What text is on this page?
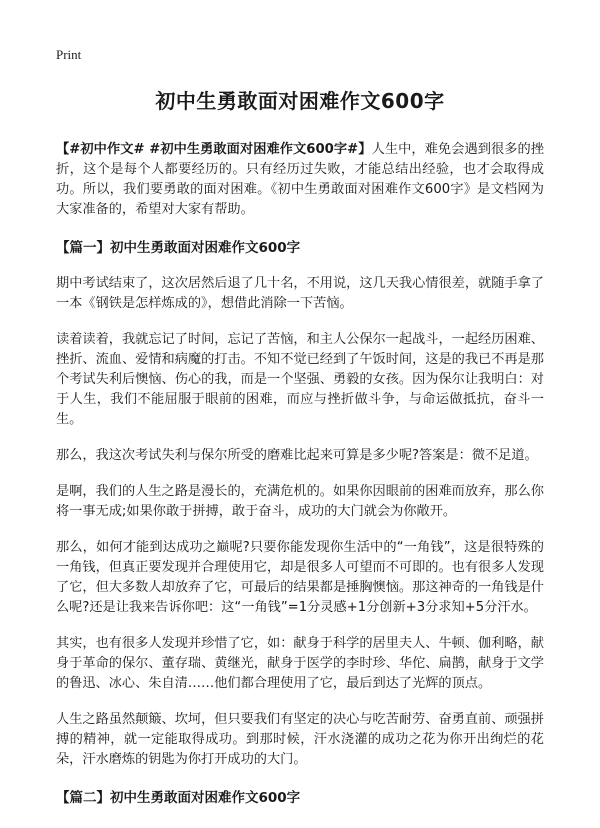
Print
初中生勇敢面对困难作文600字

【#初中作文# #初中生勇敢面对困难作文600字#】人生中，难免会遇到很多的挫折，这个是每个人都要经历的。只有经历过失败，才能总结出经验，也才会取得成功。所以，我们要勇敢的面对困难。《初中生勇敢面对困难作文600字》是文档网为大家准备的，希望对大家有帮助。

【篇一】初中生勇敢面对困难作文600字

期中考试结束了，这次居然后退了几十名，不用说，这几天我心情很差，就随手拿了一本《钢铁是怎样炼成的》，想借此消除一下苦恼。

读着读着，我就忘记了时间，忘记了苦恼，和主人公保尔一起战斗，一起经历困难、挫折、流血、爱情和病魔的打击。不知不觉已经到了午饭时间，这是的我已不再是那个考试失利后懊恼、伤心的我，而是一个坚强、勇毅的女孩。因为保尔让我明白：对于人生，我们不能屈服于眼前的困难，而应与挫折做斗争，与命运做抵抗，奋斗一生。

那么，我这次考试失利与保尔所受的磨难比起来可算是多少呢?答案是：微不足道。

是啊，我们的人生之路是漫长的，充满危机的。如果你因眼前的困难而放弃，那么你将一事无成;如果你敢于拼搏，敢于奋斗，成功的大门就会为你敞开。

那么，如何才能到达成功之巅呢?只要你能发现你生活中的“一角钱”，这是很特殊的一角钱，但真正要发现并合理使用它，却是很多人可望而不可即的。也有很多人发现了它，但大多数人却放弃了它，可最后的结果都是捶胸懊恼。那这神奇的一角钱是什么呢?还是让我来告诉你吧：这“一角钱”=1分灵感+1分创新+3分求知+5分汗水。

其实，也有很多人发现并珍惜了它，如：献身于科学的居里夫人、牛顿、伽利略，献身于革命的保尔、董存瑞、黄继光，献身于医学的李时珍、华佗、扁鹊，献身于文学的鲁迅、冰心、朱自清……他们都合理使用了它，最后到达了光辉的顶点。

人生之路虽然颠簸、坎坷，但只要我们有坚定的决心与吃苦耐劳、奋勇直前、顽强拼搏的精神，就一定能取得成功。到那时候，汗水浇灌的成功之花为你开出绚烂的花朵，汗水磨炼的钥匙为你打开成功的大门。

【篇二】初中生勇敢面对困难作文600字
